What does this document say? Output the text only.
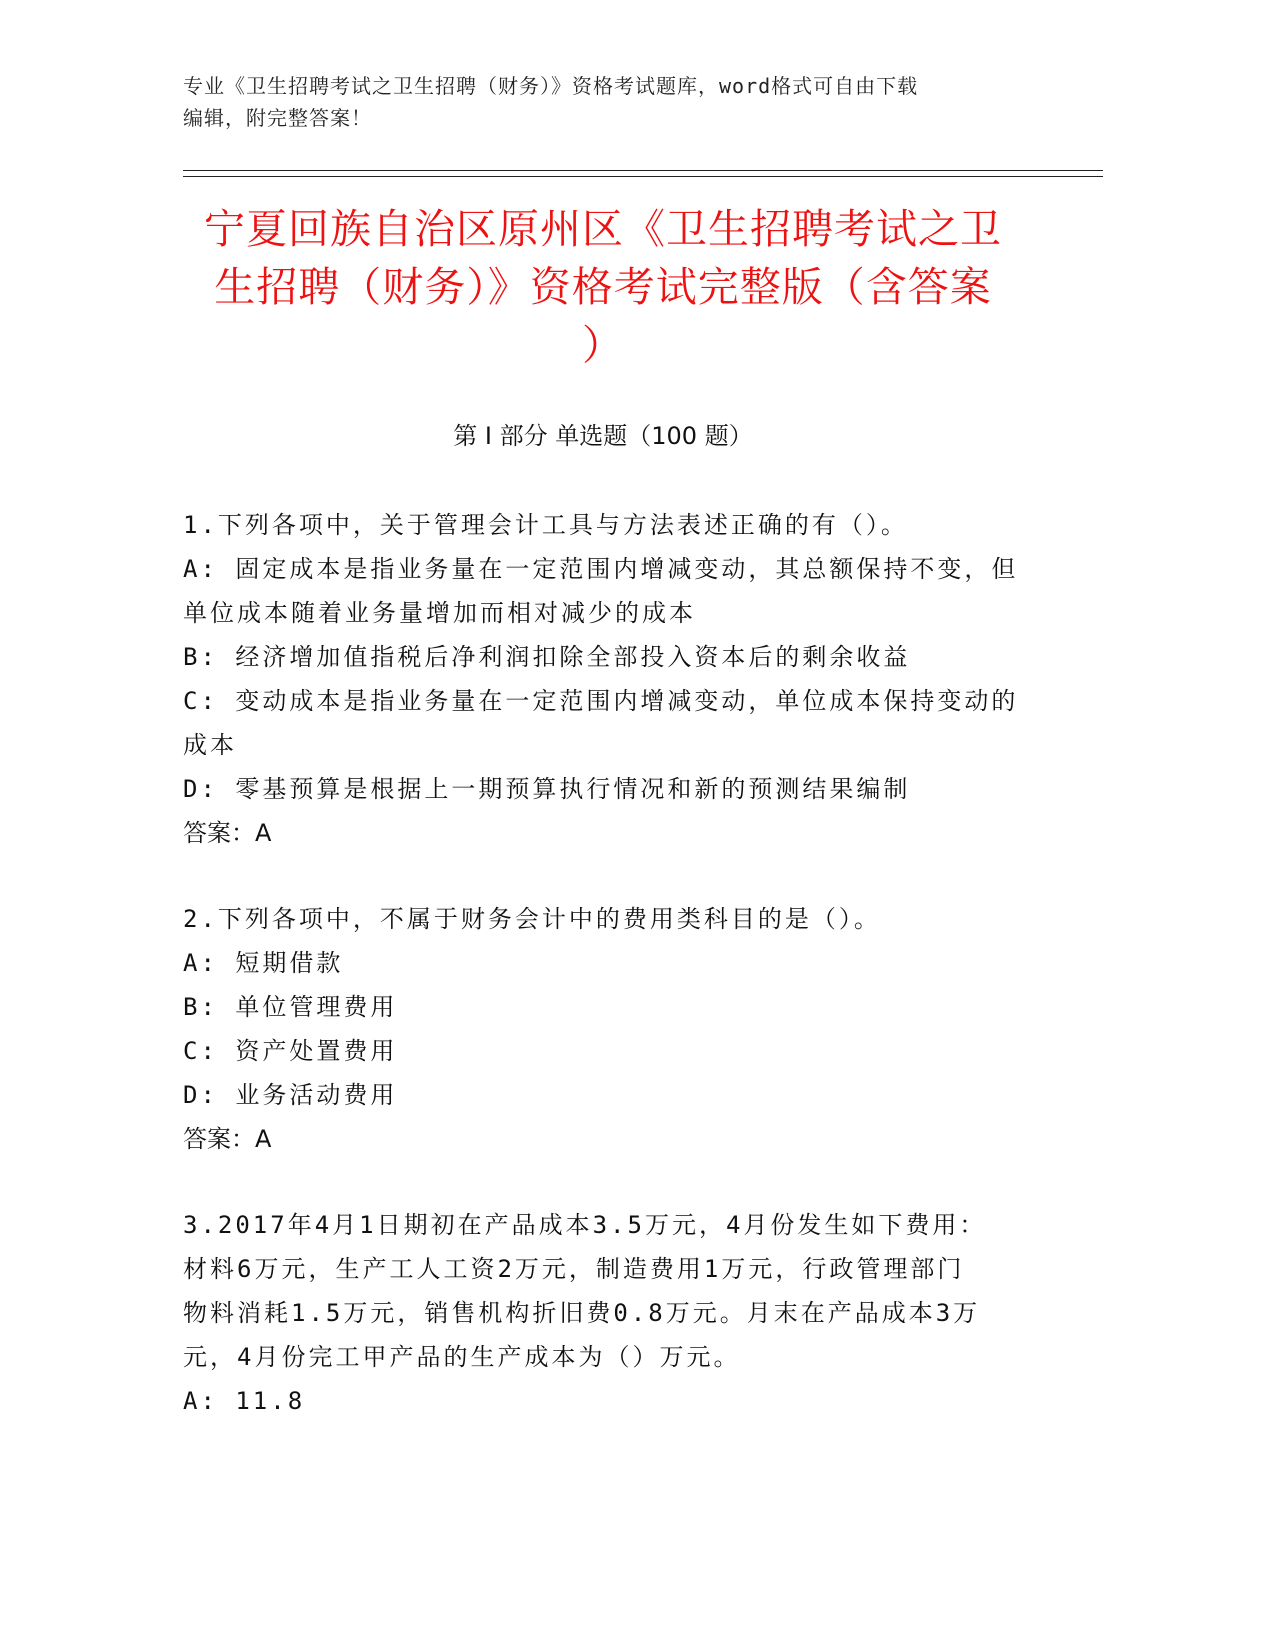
专业《卫生招聘考试之卫生招聘（财务）》资格考试题库，word格式可自由下载
编辑，附完整答案！
宁夏回族自治区原州区《卫生招聘考试之卫
生招聘（财务）》资格考试完整版（含答案
）
第 I 部分 单选题（100 题）

1.下列各项中，关于管理会计工具与方法表述正确的有（）。

A: 固定成本是指业务量在一定范围内增减变动，其总额保持不变，但

单位成本随着业务量增加而相对减少的成本

B: 经济增加值指税后净利润扣除全部投入资本后的剩余收益

C: 变动成本是指业务量在一定范围内增减变动，单位成本保持变动的

成本

D: 零基预算是根据上一期预算执行情况和新的预测结果编制

答案：A

2.下列各项中，不属于财务会计中的费用类科目的是（）。

A: 短期借款

B: 单位管理费用

C: 资产处置费用

D: 业务活动费用

答案：A

3.2017年4月1日期初在产品成本3.5万元，4月份发生如下费用：

材料6万元，生产工人工资2万元，制造费用1万元，行政管理部门

物料消耗1.5万元，销售机构折旧费0.8万元。月末在产品成本3万

元，4月份完工甲产品的生产成本为（）万元。

A: 11.8
